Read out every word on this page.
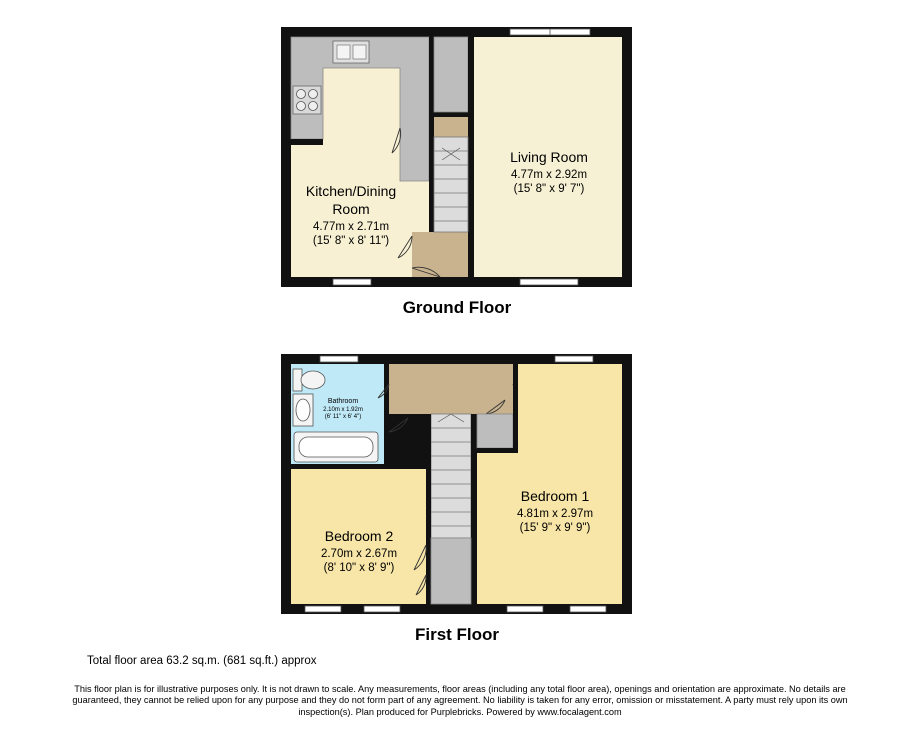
Kitchen/Dining
Room
4.77m x 2.71m
(15' 8" x 8' 11")
Living Room
4.77m x 2.92m
(15' 8" x 9' 7")
Ground Floor
Bathroom
2.10m x 1.92m
(6' 11" x 6' 4")
Bedroom 1
4.81m x 2.97m
(15' 9" x 9' 9")
Bedroom 2
2.70m x 2.67m
(8' 10" x 8' 9")
First Floor
Total floor area 63.2 sq.m. (681 sq.ft.) approx
This floor plan is for illustrative purposes only. It is not drawn to scale. Any measurements, floor areas (including any total floor area), openings and orientation are approximate. No details are guaranteed, they cannot be relied upon for any purpose and they do not form part of any agreement. No liability is taken for any error, omission or misstatement. A party must rely upon its own inspection(s). Plan produced for Purplebricks. Powered by www.focalagent.com
